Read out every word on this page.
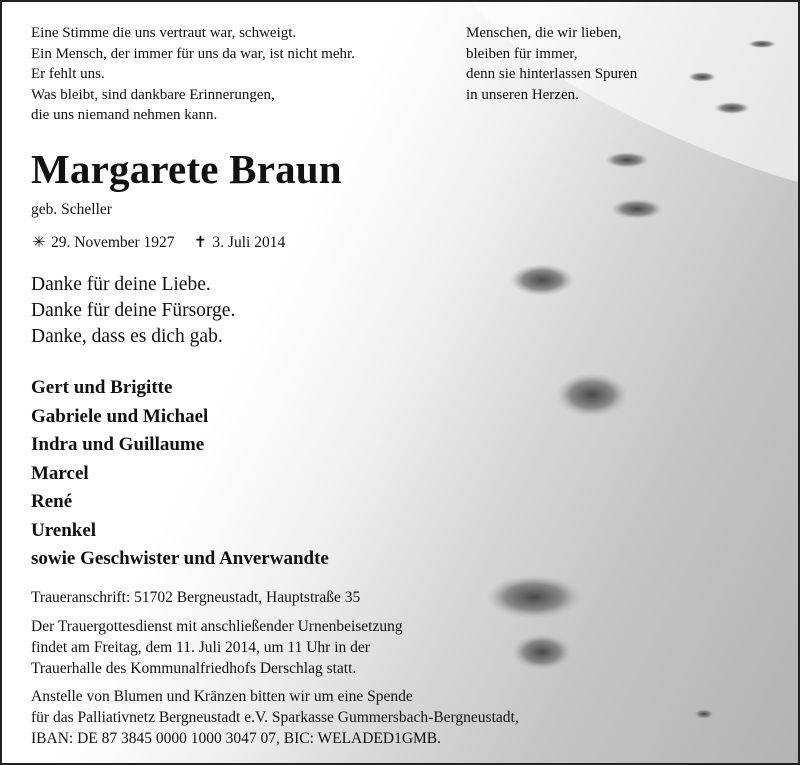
Eine Stimme die uns vertraut war, schweigt.
Ein Mensch, der immer für uns da war, ist nicht mehr.
Er fehlt uns.
Was bleibt, sind dankbare Erinnerungen,
die uns niemand nehmen kann.
Menschen, die wir lieben,
bleiben für immer,
denn sie hinterlassen Spuren
in unseren Herzen.
Margarete Braun
geb. Scheller
✳ 29. November 1927 ✝ 3. Juli 2014
Danke für deine Liebe.
Danke für deine Fürsorge.
Danke, dass es dich gab.
Gert und Brigitte
Gabriele und Michael
Indra und Guillaume
Marcel
René
Urenkel
sowie Geschwister und Anverwandte
Traueranschrift: 51702 Bergneustadt, Hauptstraße 35
Der Trauergottesdienst mit anschließender Urnenbeisetzung
findet am Freitag, dem 11. Juli 2014, um 11 Uhr in der
Trauerhalle des Kommunalfriedhofs Derschlag statt.
Anstelle von Blumen und Kränzen bitten wir um eine Spende
für das Palliativnetz Bergneustadt e.V. Sparkasse Gummersbach-Bergneustadt,
IBAN: DE 87 3845 0000 1000 3047 07, BIC: WELADED1GMB.
